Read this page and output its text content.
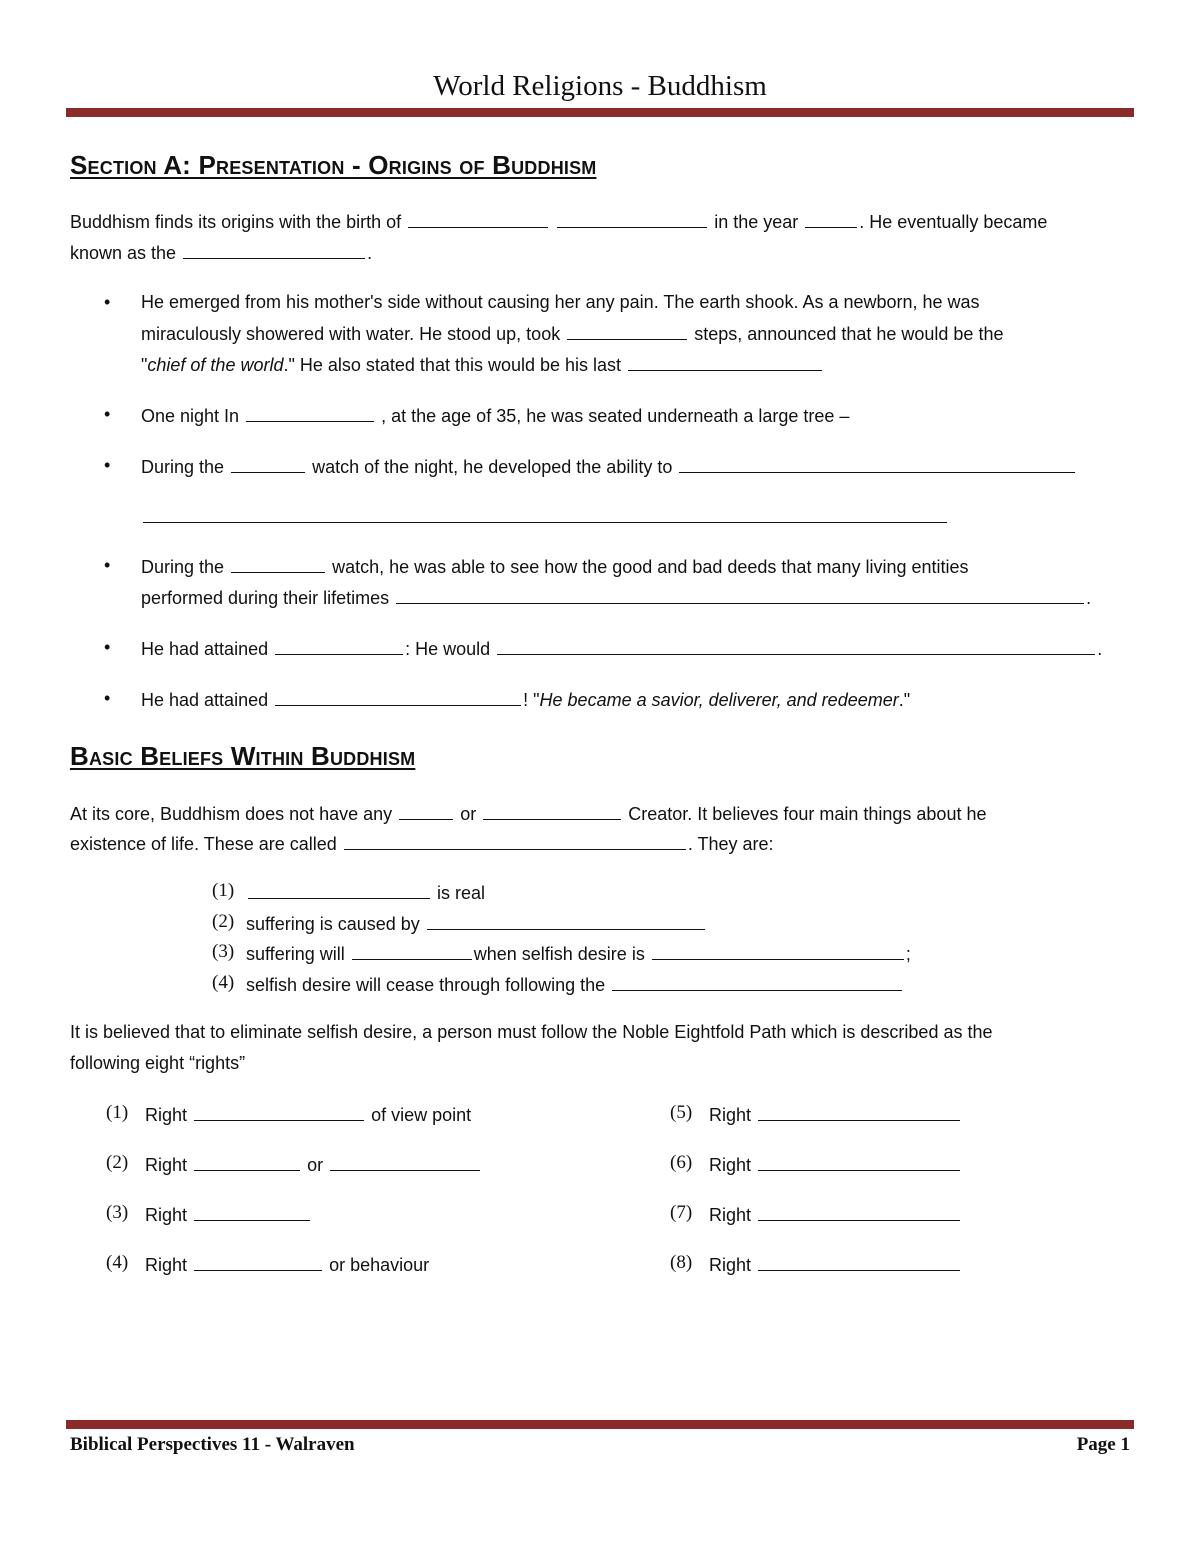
World Religions - Buddhism
Section A: Presentation - Origins of Buddhism
Buddhism finds its origins with the birth of	in the year	. He eventually became
known as the	.
• He emerged from his mother's side without causing her any pain. The earth shook. As a newborn, he was
miraculously showered with water. He stood up, took	steps, announced that he would be the
"chief of the world." He also stated that this would be his last
• One night In	, at the age of 35, he was seated underneath a large tree –
• During the	watch of the night, he developed the ability to
• During the	watch, he was able to see how the good and bad deeds that many living entities
performed during their lifetimes	.
• He had attained	: He would	.
• He had attained	! "He became a savior, deliverer, and redeemer."
Basic Beliefs Within Buddhism
At its core, Buddhism does not have any	or	Creator. It believes four main things about he
existence of life. These are called	. They are:
(1)	is real
(2) suffering is caused by
(3) suffering will	when selfish desire is	;
(4) selfish desire will cease through following the
It is believed that to eliminate selfish desire, a person must follow the Noble Eightfold Path which is described as the
following eight “rights”
(1) Right	of view point
(2) Right	or
(3) Right
(4) Right	or behaviour
(5) Right
(6) Right
(7) Right
(8) Right
Biblical Perspectives 11 - Walraven	Page 1
